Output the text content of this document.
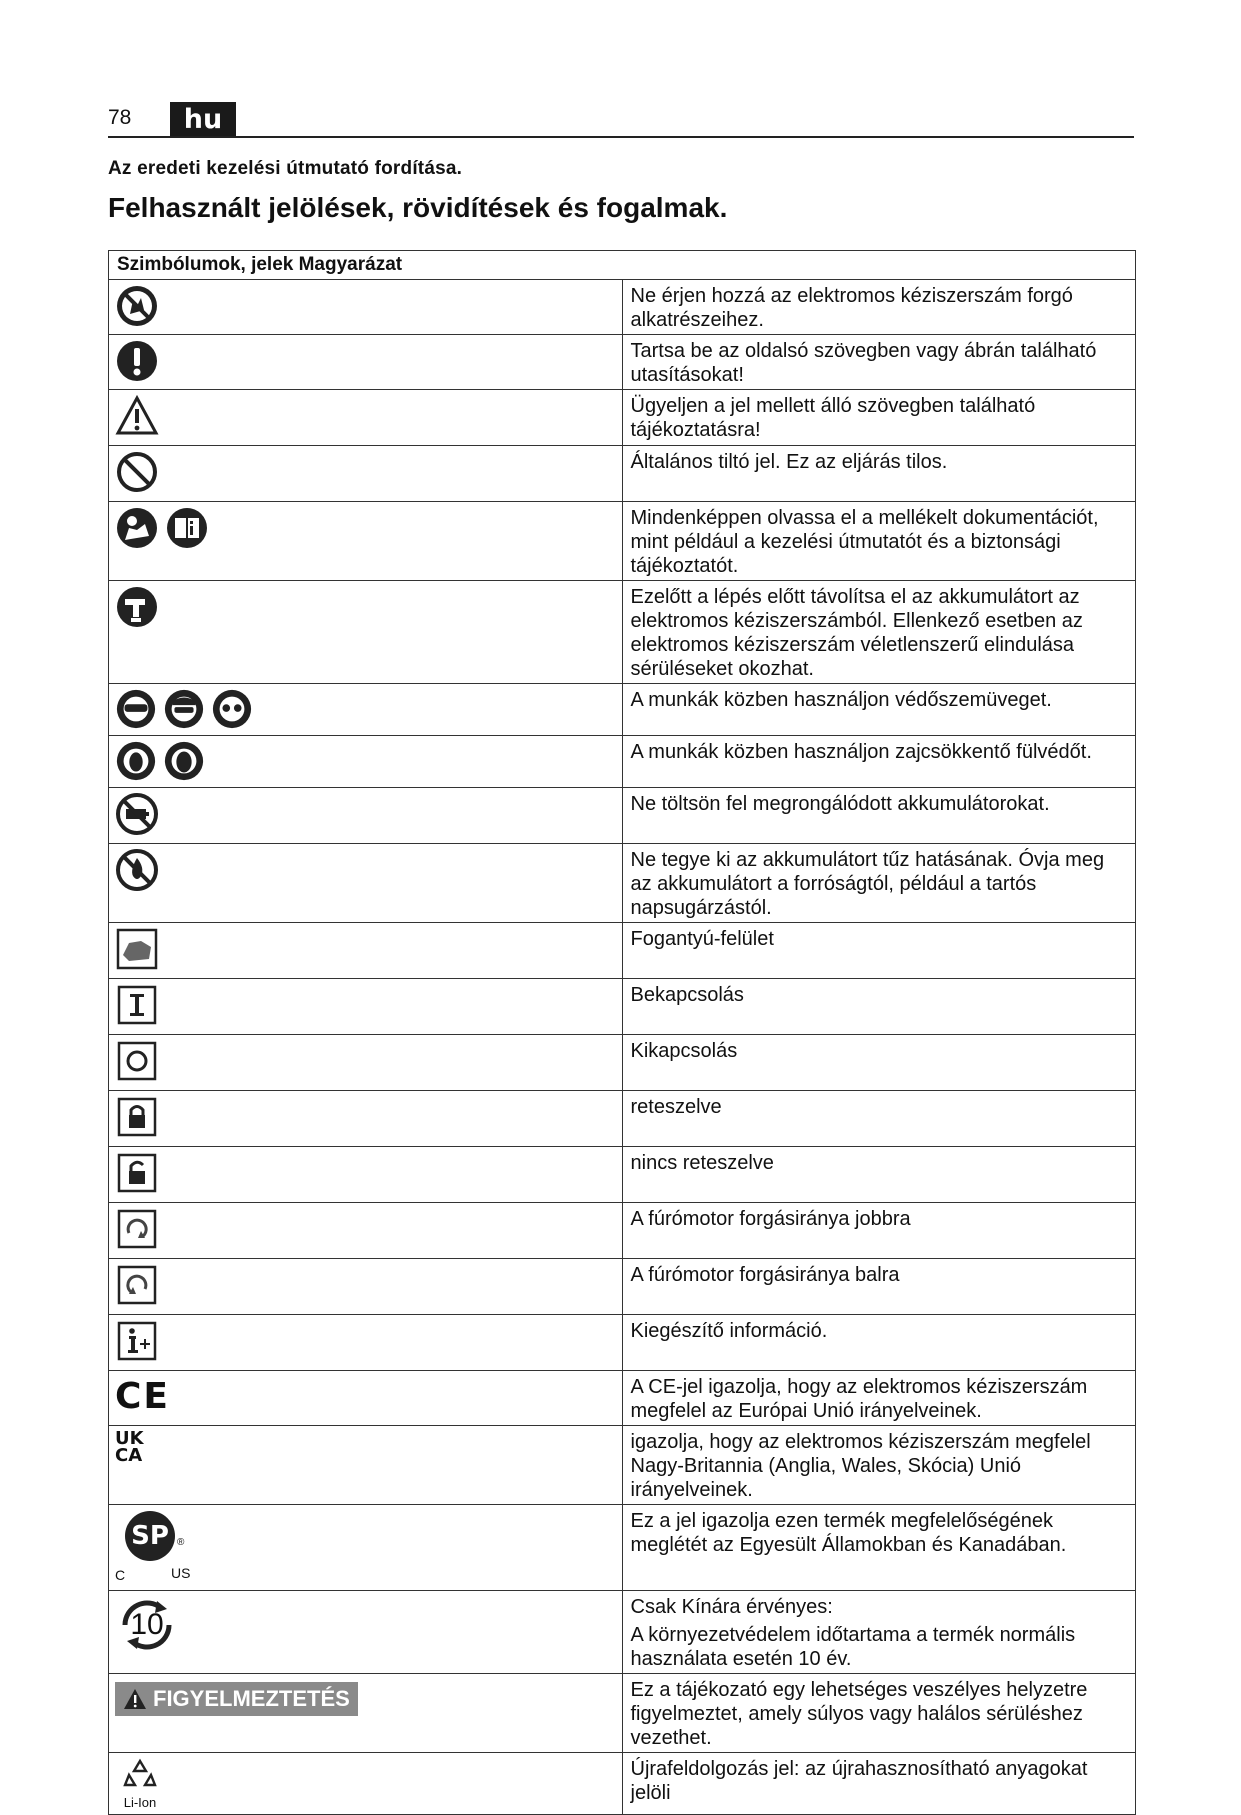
78	hu
Az eredeti kezelési útmutató fordítása.
Felhasznált jelölések, rövidítések és fogalmak.
Szimbólumok, jelek Magyarázat	

	Ne érjen hozzá az elektromos kéziszerszám forgó alkatrészeihez.

	Tartsa be az oldalsó szövegben vagy ábrán található utasításokat!

	Ügyeljen a jel mellett álló szövegben található tájékoztatásra!

	Általános tiltó jel. Ez az eljárás tilos.

	Mindenképpen olvassa el a mellékelt dokumentációt, mint például a kezelési útmutatót és a biztonsági tájékoztatót.

	Ezelőtt a lépés előtt távolítsa el az akkumulátort az elektromos kéziszerszámból. Ellenkező esetben az elektromos kéziszerszám véletlenszerű elindulása sérüléseket okozhat.

	A munkák közben használjon védőszemüveget.

	A munkák közben használjon zajcsökkentő fülvédőt.

	Ne töltsön fel megrongálódott akkumulátorokat.

	Ne tegye ki az akkumulátort tűz hatásának. Óvja meg az akkumulátort a forróságtól, például a tartós napsugárzástól.

	Fogantyú-felület

	Bekapcsolás

	Kikapcsolás

	reteszelve

	nincs reteszelve

	A fúrómotor forgásiránya jobbra

	A fúrómotor forgásiránya balra

	Kiegészítő információ.

CE	A CE-jel igazolja, hogy az elektromos kéziszerszám megfelel az Európai Unió irányelveinek.

UK
CA	igazolja, hogy az elektromos kéziszerszám megfelel Nagy-Britannia (Anglia, Wales, Skócia) Unió irányelveinek.

SP ®
C US	Ez a jel igazolja ezen termék megfelelőségének meglétét az Egyesült Államokban és Kanadában.

10	Csak Kínára érvényes:

A környezetvédelem időtartama a termék normális használata esetén 10 év.

FIGYELMEZTETÉS	Ez a tájékozató egy lehetséges veszélyes helyzetre figyelmeztet, amely súlyos vagy halálos sérüléshez vezethet.

Li-Ion	Újrafeldolgozás jel: az újrahasznosítható anyagokat jelöli
